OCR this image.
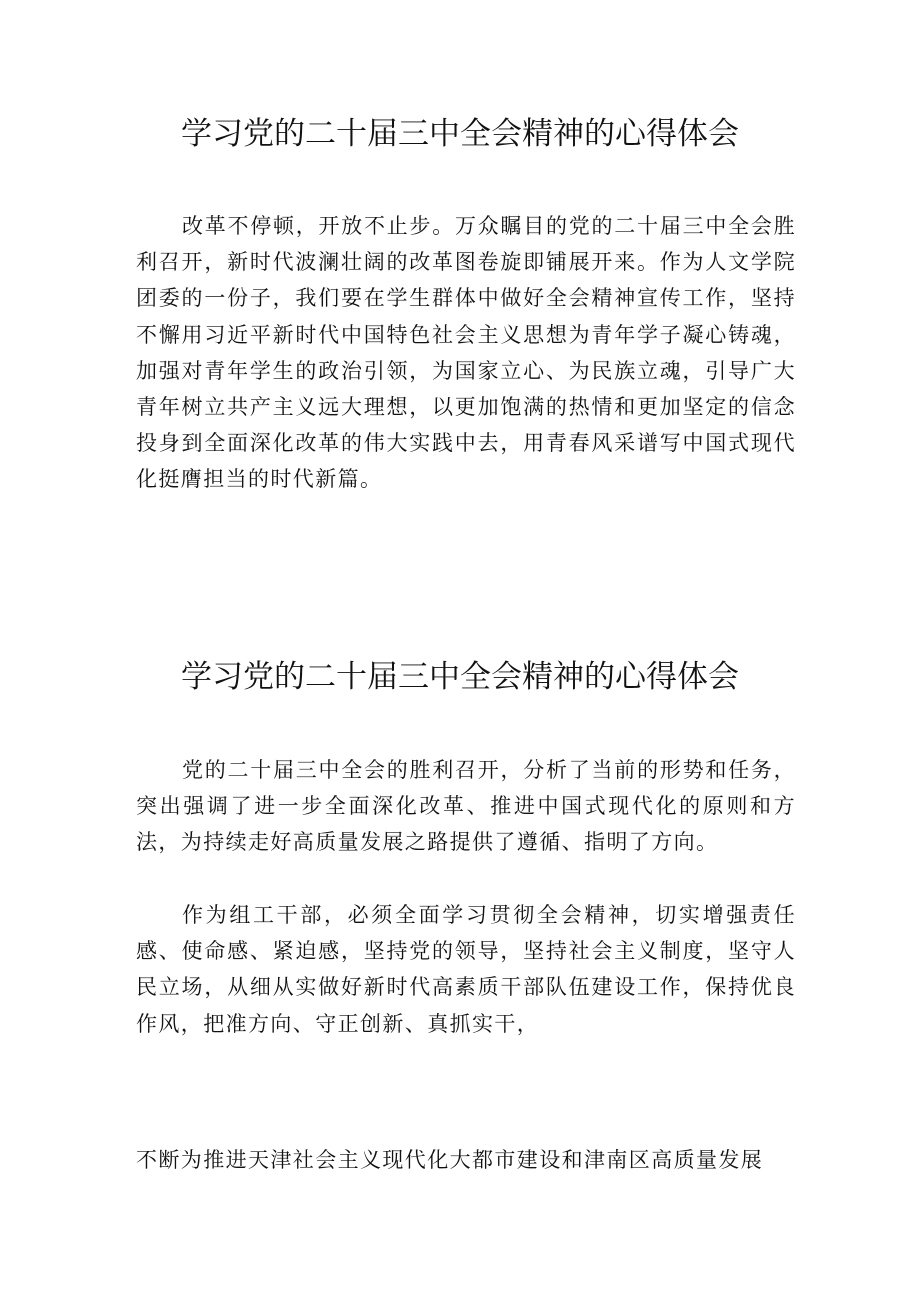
学习党的二十届三中全会精神的心得体会

改革不停顿，开放不止步。万众瞩目的党的二十届三中全会胜利召开，新时代波澜壮阔的改革图卷旋即铺展开来。作为人文学院团委的一份子，我们要在学生群体中做好全会精神宣传工作，坚持不懈用习近平新时代中国特色社会主义思想为青年学子凝心铸魂，加强对青年学生的政治引领，为国家立心、为民族立魂，引导广大青年树立共产主义远大理想，以更加饱满的热情和更加坚定的信念投身到全面深化改革的伟大实践中去，用青春风采谱写中国式现代化挺膺担当的时代新篇。

学习党的二十届三中全会精神的心得体会

党的二十届三中全会的胜利召开，分析了当前的形势和任务，突出强调了进一步全面深化改革、推进中国式现代化的原则和方法，为持续走好高质量发展之路提供了遵循、指明了方向。

作为组工干部，必须全面学习贯彻全会精神，切实增强责任感、使命感、紧迫感，坚持党的领导，坚持社会主义制度，坚守人民立场，从细从实做好新时代高素质干部队伍建设工作，保持优良作风，把准方向、守正创新、真抓实干，

不断为推进天津社会主义现代化大都市建设和津南区高质量发展
